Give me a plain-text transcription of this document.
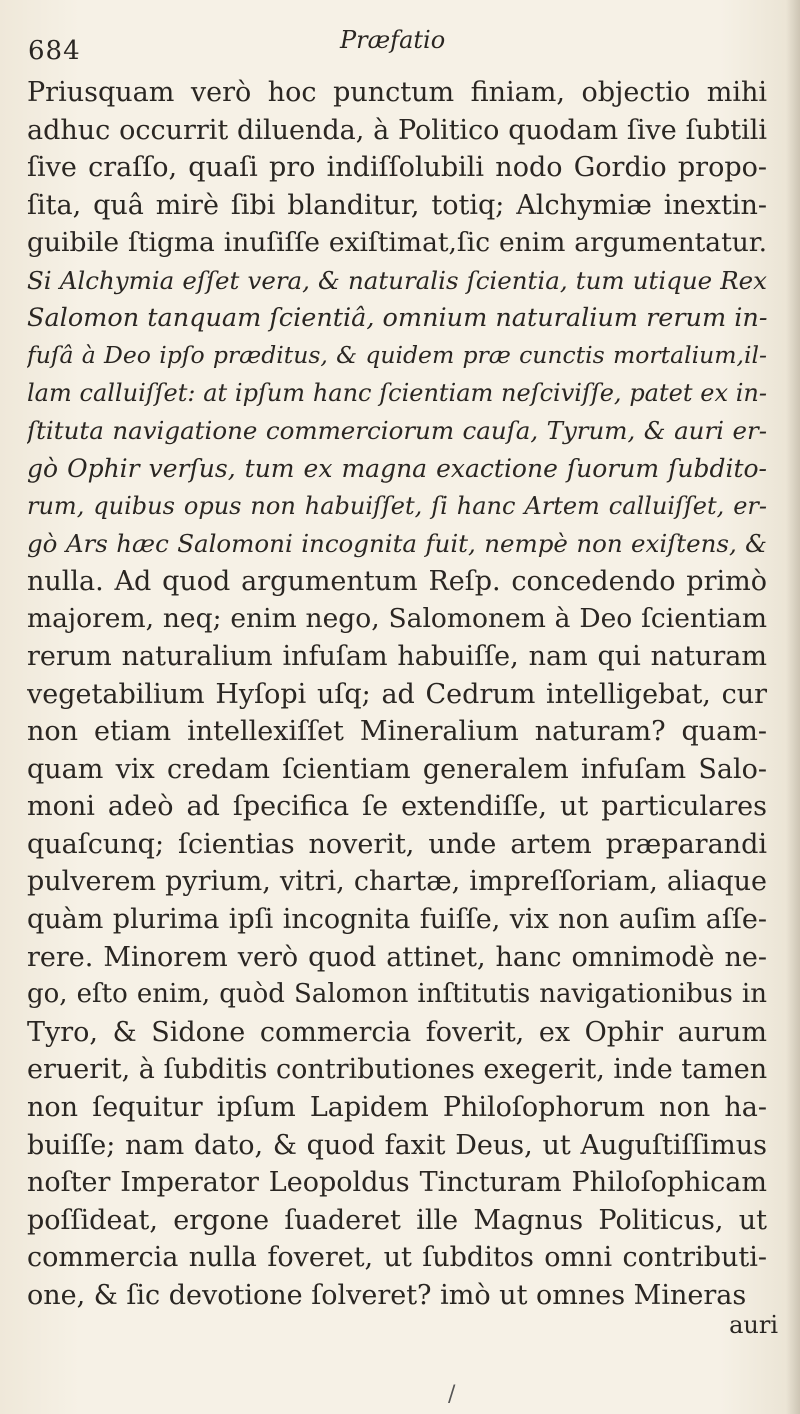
684	Præfatio
Priusquam verò hoc punctum finiam, objectio mihi
adhuc occurrit diluenda, à Politico quodam ſive ſubtili
ſive craſſo, quaſi pro indiſſolubili nodo Gordio propo-
ſita, quâ mirè ſibi blanditur, totiq; Alchymiæ inextin-
guibile ſtigma inuſiſſe exiſtimat,ſic enim argumentatur.
Si Alchymia eſſet vera, & naturalis ſcientia, tum utique Rex
Salomon tanquam ſcientiâ, omnium naturalium rerum in-
fuſâ à Deo ipſo præditus, & quidem præ cunctis mortalium,il-
lam calluiſſet: at ipſum hanc ſcientiam neſciviſſe, patet ex in-
ſtituta navigatione commerciorum cauſa, Tyrum, & auri er-
gò Ophir verſus, tum ex magna exactione ſuorum ſubdito-
rum, quibus opus non habuiſſet, ſi hanc Artem calluiſſet, er-
gò Ars hæc Salomoni incognita fuit, nempè non exiſtens, &
nulla. Ad quod argumentum Reſp. concedendo primò
majorem, neq; enim nego, Salomonem à Deo ſcientiam
rerum naturalium infuſam habuiſſe, nam qui naturam
vegetabilium Hyſopi uſq; ad Cedrum intelligebat, cur
non etiam intellexiſſet Mineralium naturam? quam-
quam vix credam ſcientiam generalem infuſam Salo-
moni adeò ad ſpecifica ſe extendiſſe, ut particulares
quaſcunq; ſcientias noverit, unde artem præparandi
pulverem pyrium, vitri, chartæ, impreſſoriam, aliaque
quàm plurima ipſi incognita fuiſſe, vix non auſim aſſe-
rere. Minorem verò quod attinet, hanc omnimodè ne-
go, eſto enim, quòd Salomon inſtitutis navigationibus in
Tyro, & Sidone commercia foverit, ex Ophir aurum
eruerit, à ſubditis contributiones exegerit, inde tamen
non ſequitur ipſum Lapidem Philoſophorum non ha-
buiſſe; nam dato, & quod faxit Deus, ut Auguſtiſſimus
noſter Imperator Leopoldus Tincturam Philoſophicam
poſſideat, ergone ſuaderet ille Magnus Politicus, ut
commercia nulla foveret, ut ſubditos omni contributi-
one, & ſic devotione ſolveret? imò ut omnes Mineras
auri
/
